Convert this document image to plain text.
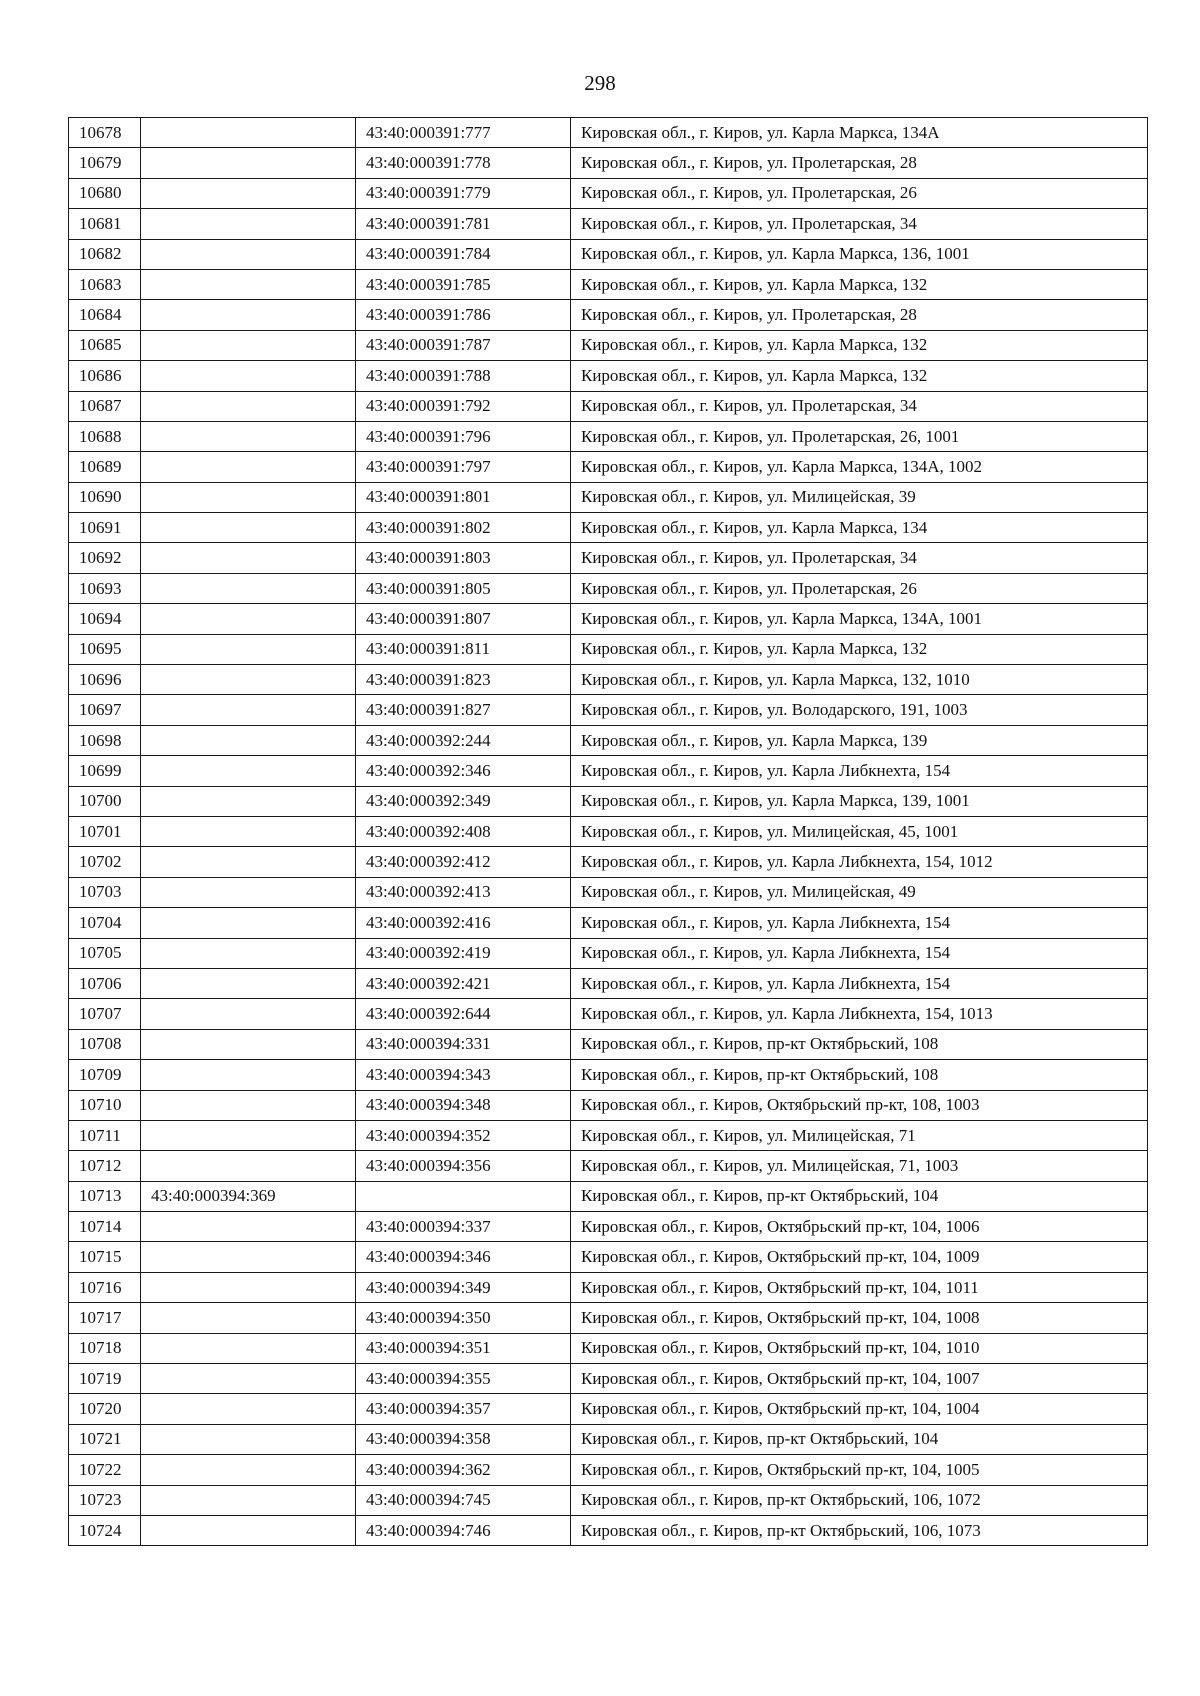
298
10678		43:40:000391:777	Кировская обл., г. Киров, ул. Карла Маркса, 134А
10679		43:40:000391:778	Кировская обл., г. Киров, ул. Пролетарская, 28
10680		43:40:000391:779	Кировская обл., г. Киров, ул. Пролетарская, 26
10681		43:40:000391:781	Кировская обл., г. Киров, ул. Пролетарская, 34
10682		43:40:000391:784	Кировская обл., г. Киров, ул. Карла Маркса, 136, 1001
10683		43:40:000391:785	Кировская обл., г. Киров, ул. Карла Маркса, 132
10684		43:40:000391:786	Кировская обл., г. Киров, ул. Пролетарская, 28
10685		43:40:000391:787	Кировская обл., г. Киров, ул. Карла Маркса, 132
10686		43:40:000391:788	Кировская обл., г. Киров, ул. Карла Маркса, 132
10687		43:40:000391:792	Кировская обл., г. Киров, ул. Пролетарская, 34
10688		43:40:000391:796	Кировская обл., г. Киров, ул. Пролетарская, 26, 1001
10689		43:40:000391:797	Кировская обл., г. Киров, ул. Карла Маркса, 134А, 1002
10690		43:40:000391:801	Кировская обл., г. Киров, ул. Милицейская, 39
10691		43:40:000391:802	Кировская обл., г. Киров, ул. Карла Маркса, 134
10692		43:40:000391:803	Кировская обл., г. Киров, ул. Пролетарская, 34
10693		43:40:000391:805	Кировская обл., г. Киров, ул. Пролетарская, 26
10694		43:40:000391:807	Кировская обл., г. Киров, ул. Карла Маркса, 134А, 1001
10695		43:40:000391:811	Кировская обл., г. Киров, ул. Карла Маркса, 132
10696		43:40:000391:823	Кировская обл., г. Киров, ул. Карла Маркса, 132, 1010
10697		43:40:000391:827	Кировская обл., г. Киров, ул. Володарского, 191, 1003
10698		43:40:000392:244	Кировская обл., г. Киров, ул. Карла Маркса, 139
10699		43:40:000392:346	Кировская обл., г. Киров, ул. Карла Либкнехта, 154
10700		43:40:000392:349	Кировская обл., г. Киров, ул. Карла Маркса, 139, 1001
10701		43:40:000392:408	Кировская обл., г. Киров, ул. Милицейская, 45, 1001
10702		43:40:000392:412	Кировская обл., г. Киров, ул. Карла Либкнехта, 154, 1012
10703		43:40:000392:413	Кировская обл., г. Киров, ул. Милицейская, 49
10704		43:40:000392:416	Кировская обл., г. Киров, ул. Карла Либкнехта, 154
10705		43:40:000392:419	Кировская обл., г. Киров, ул. Карла Либкнехта, 154
10706		43:40:000392:421	Кировская обл., г. Киров, ул. Карла Либкнехта, 154
10707		43:40:000392:644	Кировская обл., г. Киров, ул. Карла Либкнехта, 154, 1013
10708		43:40:000394:331	Кировская обл., г. Киров, пр-кт Октябрьский, 108
10709		43:40:000394:343	Кировская обл., г. Киров, пр-кт Октябрьский, 108
10710		43:40:000394:348	Кировская обл., г. Киров, Октябрьский пр-кт, 108, 1003
10711		43:40:000394:352	Кировская обл., г. Киров, ул. Милицейская, 71
10712		43:40:000394:356	Кировская обл., г. Киров, ул. Милицейская, 71, 1003
10713	43:40:000394:369		Кировская обл., г. Киров, пр-кт Октябрьский, 104
10714		43:40:000394:337	Кировская обл., г. Киров, Октябрьский пр-кт, 104, 1006
10715		43:40:000394:346	Кировская обл., г. Киров, Октябрьский пр-кт, 104, 1009
10716		43:40:000394:349	Кировская обл., г. Киров, Октябрьский пр-кт, 104, 1011
10717		43:40:000394:350	Кировская обл., г. Киров, Октябрьский пр-кт, 104, 1008
10718		43:40:000394:351	Кировская обл., г. Киров, Октябрьский пр-кт, 104, 1010
10719		43:40:000394:355	Кировская обл., г. Киров, Октябрьский пр-кт, 104, 1007
10720		43:40:000394:357	Кировская обл., г. Киров, Октябрьский пр-кт, 104, 1004
10721		43:40:000394:358	Кировская обл., г. Киров, пр-кт Октябрьский, 104
10722		43:40:000394:362	Кировская обл., г. Киров, Октябрьский пр-кт, 104, 1005
10723		43:40:000394:745	Кировская обл., г. Киров, пр-кт Октябрьский, 106, 1072
10724		43:40:000394:746	Кировская обл., г. Киров, пр-кт Октябрьский, 106, 1073
